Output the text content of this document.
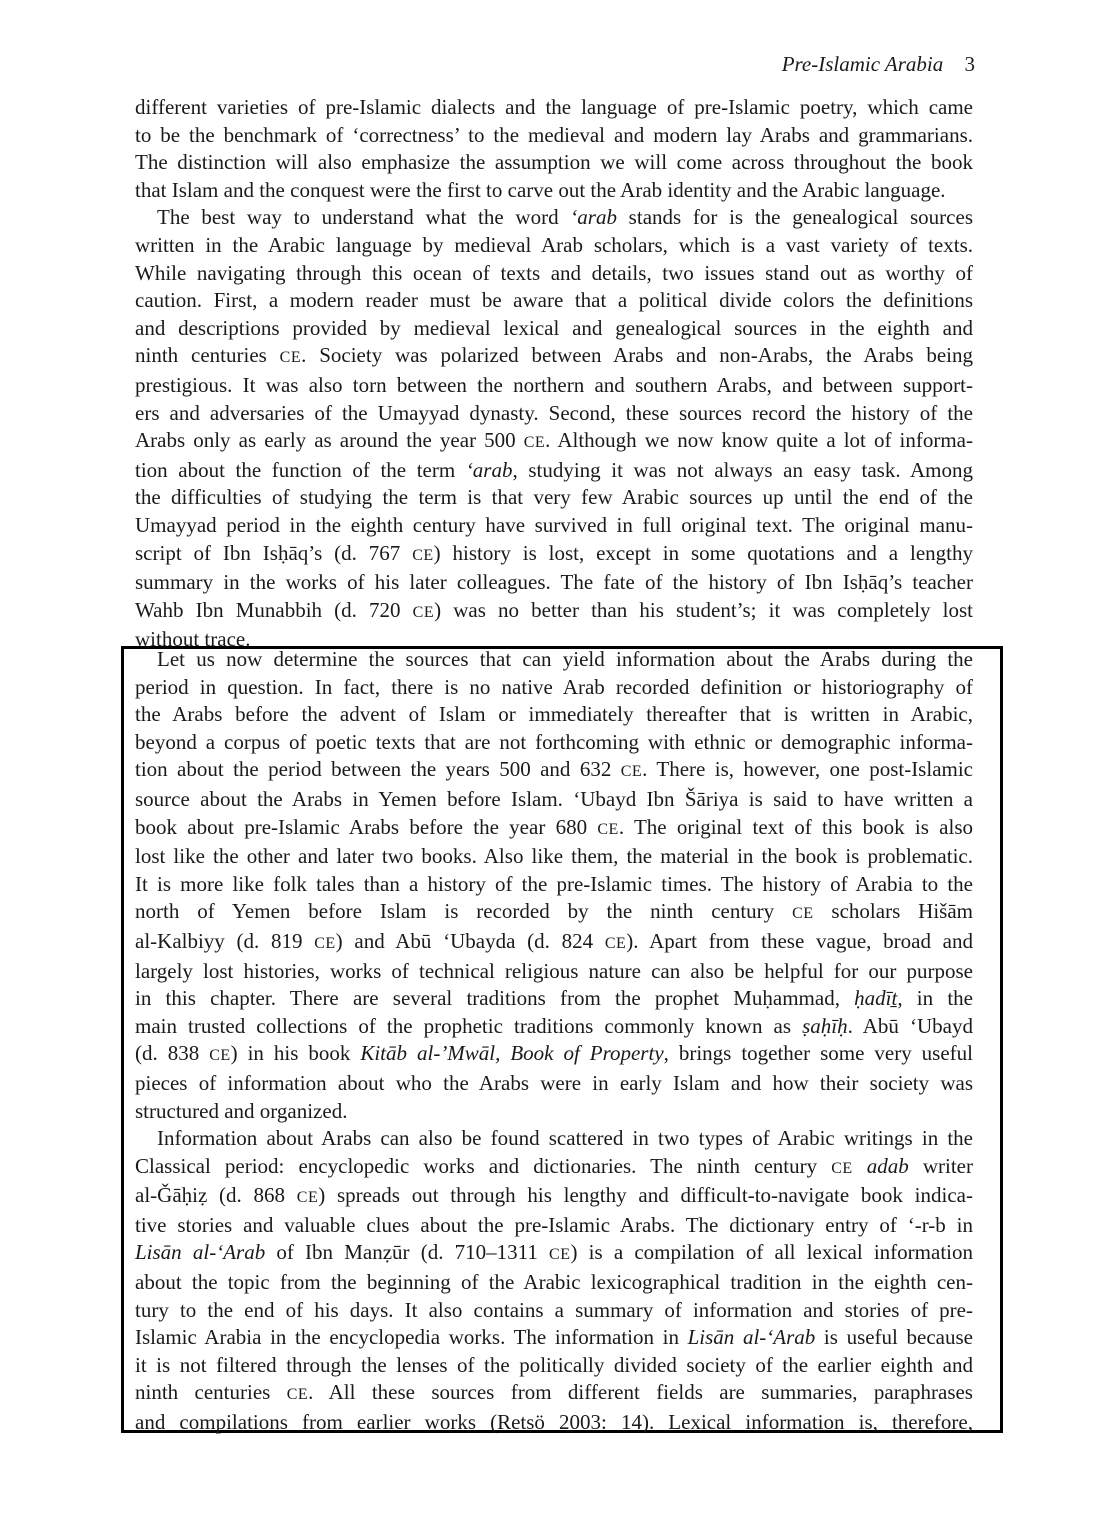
Pre-Islamic Arabia 3
different varieties of pre-Islamic dialects and the language of pre-Islamic poetry, which came
to be the benchmark of ‘correctness’ to the medieval and modern lay Arabs and grammarians.
The distinction will also emphasize the assumption we will come across throughout the book
that Islam and the conquest were the first to carve out the Arab identity and the Arabic language.
The best way to understand what the word ‘arab stands for is the genealogical sources
written in the Arabic language by medieval Arab scholars, which is a vast variety of texts.
While navigating through this ocean of texts and details, two issues stand out as worthy of
caution. First, a modern reader must be aware that a political divide colors the definitions
and descriptions provided by medieval lexical and genealogical sources in the eighth and
ninth centuries CE. Society was polarized between Arabs and non-Arabs, the Arabs being
prestigious. It was also torn between the northern and southern Arabs, and between support-
ers and adversaries of the Umayyad dynasty. Second, these sources record the history of the
Arabs only as early as around the year 500 CE. Although we now know quite a lot of informa-
tion about the function of the term ‘arab, studying it was not always an easy task. Among
the difficulties of studying the term is that very few Arabic sources up until the end of the
Umayyad period in the eighth century have survived in full original text. The original manu-
script of Ibn Isḥāq’s (d. 767 CE) history is lost, except in some quotations and a lengthy
summary in the works of his later colleagues. The fate of the history of Ibn Isḥāq’s teacher
Wahb Ibn Munabbih (d. 720 CE) was no better than his student’s; it was completely lost
without trace.
Let us now determine the sources that can yield information about the Arabs during the
period in question. In fact, there is no native Arab recorded definition or historiography of
the Arabs before the advent of Islam or immediately thereafter that is written in Arabic,
beyond a corpus of poetic texts that are not forthcoming with ethnic or demographic informa-
tion about the period between the years 500 and 632 CE. There is, however, one post-Islamic
source about the Arabs in Yemen before Islam. ‘Ubayd Ibn Šāriya is said to have written a
book about pre-Islamic Arabs before the year 680 CE. The original text of this book is also
lost like the other and later two books. Also like them, the material in the book is problematic.
It is more like folk tales than a history of the pre-Islamic times. The history of Arabia to the
north of Yemen before Islam is recorded by the ninth century CE scholars Hišām
al-Kalbiyy (d. 819 CE) and Abū ‘Ubayda (d. 824 CE). Apart from these vague, broad and
largely lost histories, works of technical religious nature can also be helpful for our purpose
in this chapter. There are several traditions from the prophet Muḥammad, ḥadīṯ, in the
main trusted collections of the prophetic traditions commonly known as ṣaḥīḥ. Abū ‘Ubayd
(d. 838 CE) in his book Kitāb al-’Mwāl, Book of Property, brings together some very useful
pieces of information about who the Arabs were in early Islam and how their society was
structured and organized.
Information about Arabs can also be found scattered in two types of Arabic writings in the
Classical period: encyclopedic works and dictionaries. The ninth century CE adab writer
al-Ǧāḥiẓ (d. 868 CE) spreads out through his lengthy and difficult-to-navigate book indica-
tive stories and valuable clues about the pre-Islamic Arabs. The dictionary entry of ‘-r-b in
Lisān al-‘Arab of Ibn Manẓūr (d. 710–1311 CE) is a compilation of all lexical information
about the topic from the beginning of the Arabic lexicographical tradition in the eighth cen-
tury to the end of his days. It also contains a summary of information and stories of pre-
Islamic Arabia in the encyclopedia works. The information in Lisān al-‘Arab is useful because
it is not filtered through the lenses of the politically divided society of the earlier eighth and
ninth centuries CE. All these sources from different fields are summaries, paraphrases
and compilations from earlier works (Retsö 2003: 14). Lexical information is, therefore,
